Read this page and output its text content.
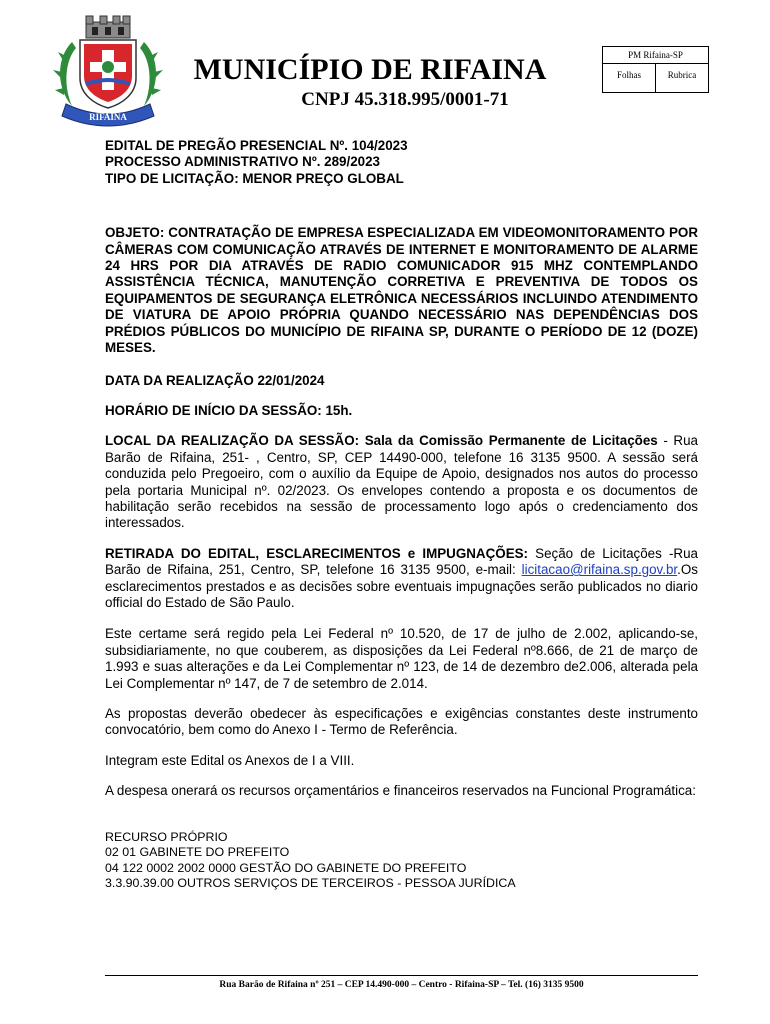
RIFAINA
MUNICÍPIO DE RIFAINA
CNPJ 45.318.995/0001-71
PM Rifaina-SP
Folhas	Rubrica

EDITAL DE PREGÃO PRESENCIAL Nº. 104/2023

PROCESSO ADMINISTRATIVO Nº. 289/2023

TIPO DE LICITAÇÃO: MENOR PREÇO GLOBAL

OBJETO: CONTRATAÇÃO DE EMPRESA ESPECIALIZADA EM VIDEOMONITORAMENTO POR CÂMERAS COM COMUNICAÇÃO ATRAVÉS DE INTERNET E MONITORAMENTO DE ALARME 24 HRS POR DIA ATRAVÉS DE RADIO COMUNICADOR 915 MHZ CONTEMPLANDO ASSISTÊNCIA TÉCNICA, MANUTENÇÃO CORRETIVA E PREVENTIVA DE TODOS OS EQUIPAMENTOS DE SEGURANÇA ELETRÔNICA NECESSÁRIOS INCLUINDO ATENDIMENTO DE VIATURA DE APOIO PRÓPRIA QUANDO NECESSÁRIO NAS DEPENDÊNCIAS DOS PRÉDIOS PÚBLICOS DO MUNICÍPIO DE RIFAINA SP, DURANTE O PERÍODO DE 12 (DOZE) MESES.

DATA DA REALIZAÇÃO 22/01/2024

HORÁRIO DE INÍCIO DA SESSÃO: 15h.

LOCAL DA REALIZAÇÃO DA SESSÃO: Sala da Comissão Permanente de Licitações - Rua Barão de Rifaina, 251- , Centro, SP, CEP 14490-000, telefone 16 3135 9500. A sessão será conduzida pelo Pregoeiro, com o auxílio da Equipe de Apoio, designados nos autos do processo pela portaria Municipal nº. 02/2023. Os envelopes contendo a proposta e os documentos de habilitação serão recebidos na sessão de processamento logo após o credenciamento dos interessados.

RETIRADA DO EDITAL, ESCLARECIMENTOS e IMPUGNAÇÕES: Seção de Licitações -Rua Barão de Rifaina, 251, Centro, SP, telefone 16 3135 9500, e-mail: licitacao@rifaina.sp.gov.br.Os esclarecimentos prestados e as decisões sobre eventuais impugnações serão publicados no diario official do Estado de São Paulo.

Este certame será regido pela Lei Federal nº 10.520, de 17 de julho de 2.002, aplicando-se, subsidiariamente, no que couberem, as disposições da Lei Federal nº8.666, de 21 de março de 1.993 e suas alterações e da Lei Complementar nº 123, de 14 de dezembro de2.006, alterada pela Lei Complementar nº 147, de 7 de setembro de 2.014.

As propostas deverão obedecer às especificações e exigências constantes deste instrumento convocatório, bem como do Anexo I - Termo de Referência.

Integram este Edital os Anexos de I a VIII.

A despesa onerará os recursos orçamentários e financeiros reservados na Funcional Programática:

RECURSO PRÓPRIO

02 01 GABINETE DO PREFEITO

04 122 0002 2002 0000 GESTÃO DO GABINETE DO PREFEITO

3.3.90.39.00 OUTROS SERVIÇOS DE TERCEIROS - PESSOA JURÍDICA

Rua Barão de Rifaina nº 251 – CEP 14.490-000 – Centro - Rifaina-SP – Tel. (16) 3135 9500
